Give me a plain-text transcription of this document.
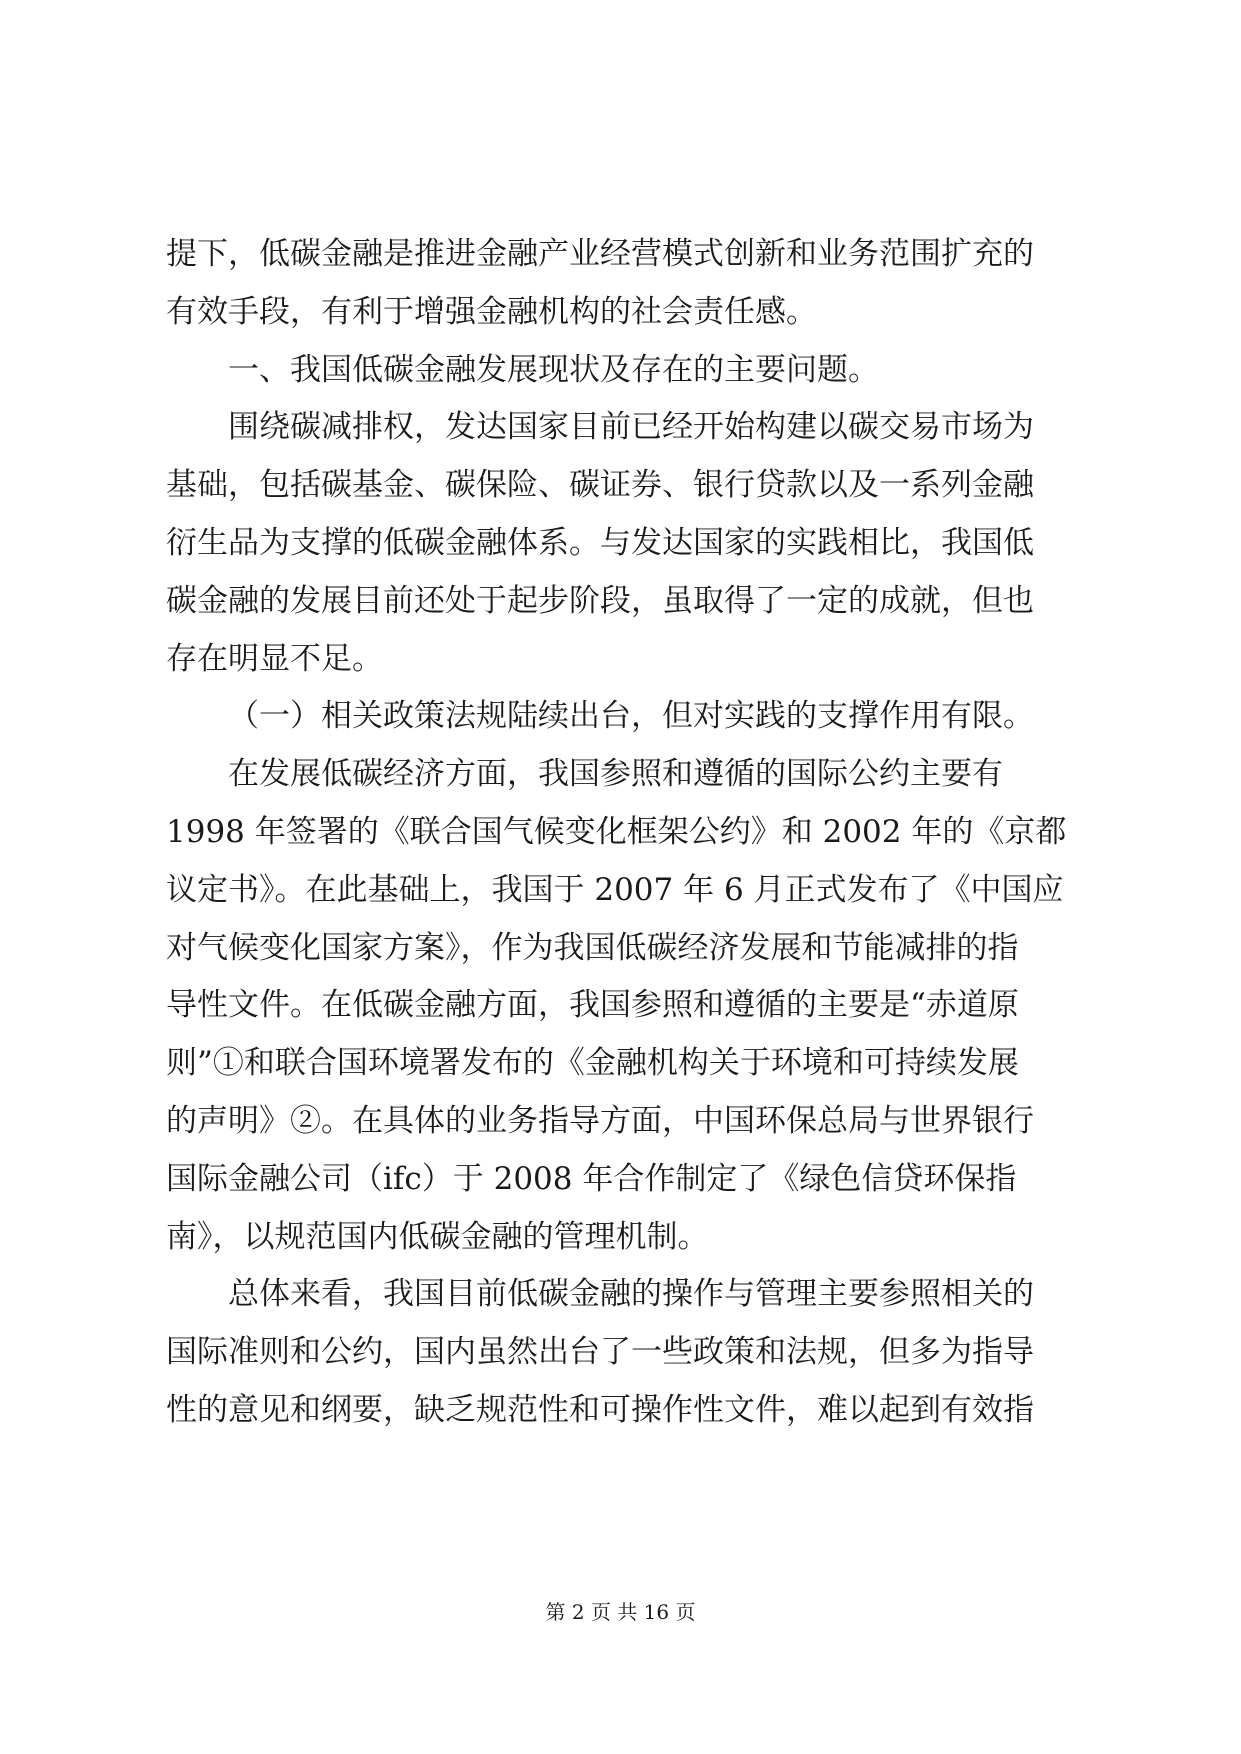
提下，低碳金融是推进金融产业经营模式创新和业务范围扩充的
有效手段，有利于增强金融机构的社会责任感。
一、我国低碳金融发展现状及存在的主要问题。
围绕碳减排权，发达国家目前已经开始构建以碳交易市场为
基础，包括碳基金、碳保险、碳证券、银行贷款以及一系列金融
衍生品为支撑的低碳金融体系。与发达国家的实践相比，我国低
碳金融的发展目前还处于起步阶段，虽取得了一定的成就，但也
存在明显不足。
（一）相关政策法规陆续出台，但对实践的支撑作用有限。
在发展低碳经济方面，我国参照和遵循的国际公约主要有
1998 年签署的《联合国气候变化框架公约》和 2002 年的《京都
议定书》。在此基础上，我国于 2007 年 6 月正式发布了《中国应
对气候变化国家方案》，作为我国低碳经济发展和节能减排的指
导性文件。在低碳金融方面，我国参照和遵循的主要是“赤道原
则”①和联合国环境署发布的《金融机构关于环境和可持续发展
的声明》②。在具体的业务指导方面，中国环保总局与世界银行
国际金融公司（ifc）于 2008 年合作制定了《绿色信贷环保指
南》，以规范国内低碳金融的管理机制。
总体来看，我国目前低碳金融的操作与管理主要参照相关的
国际准则和公约，国内虽然出台了一些政策和法规，但多为指导
性的意见和纲要，缺乏规范性和可操作性文件，难以起到有效指
第 2 页 共 16 页
